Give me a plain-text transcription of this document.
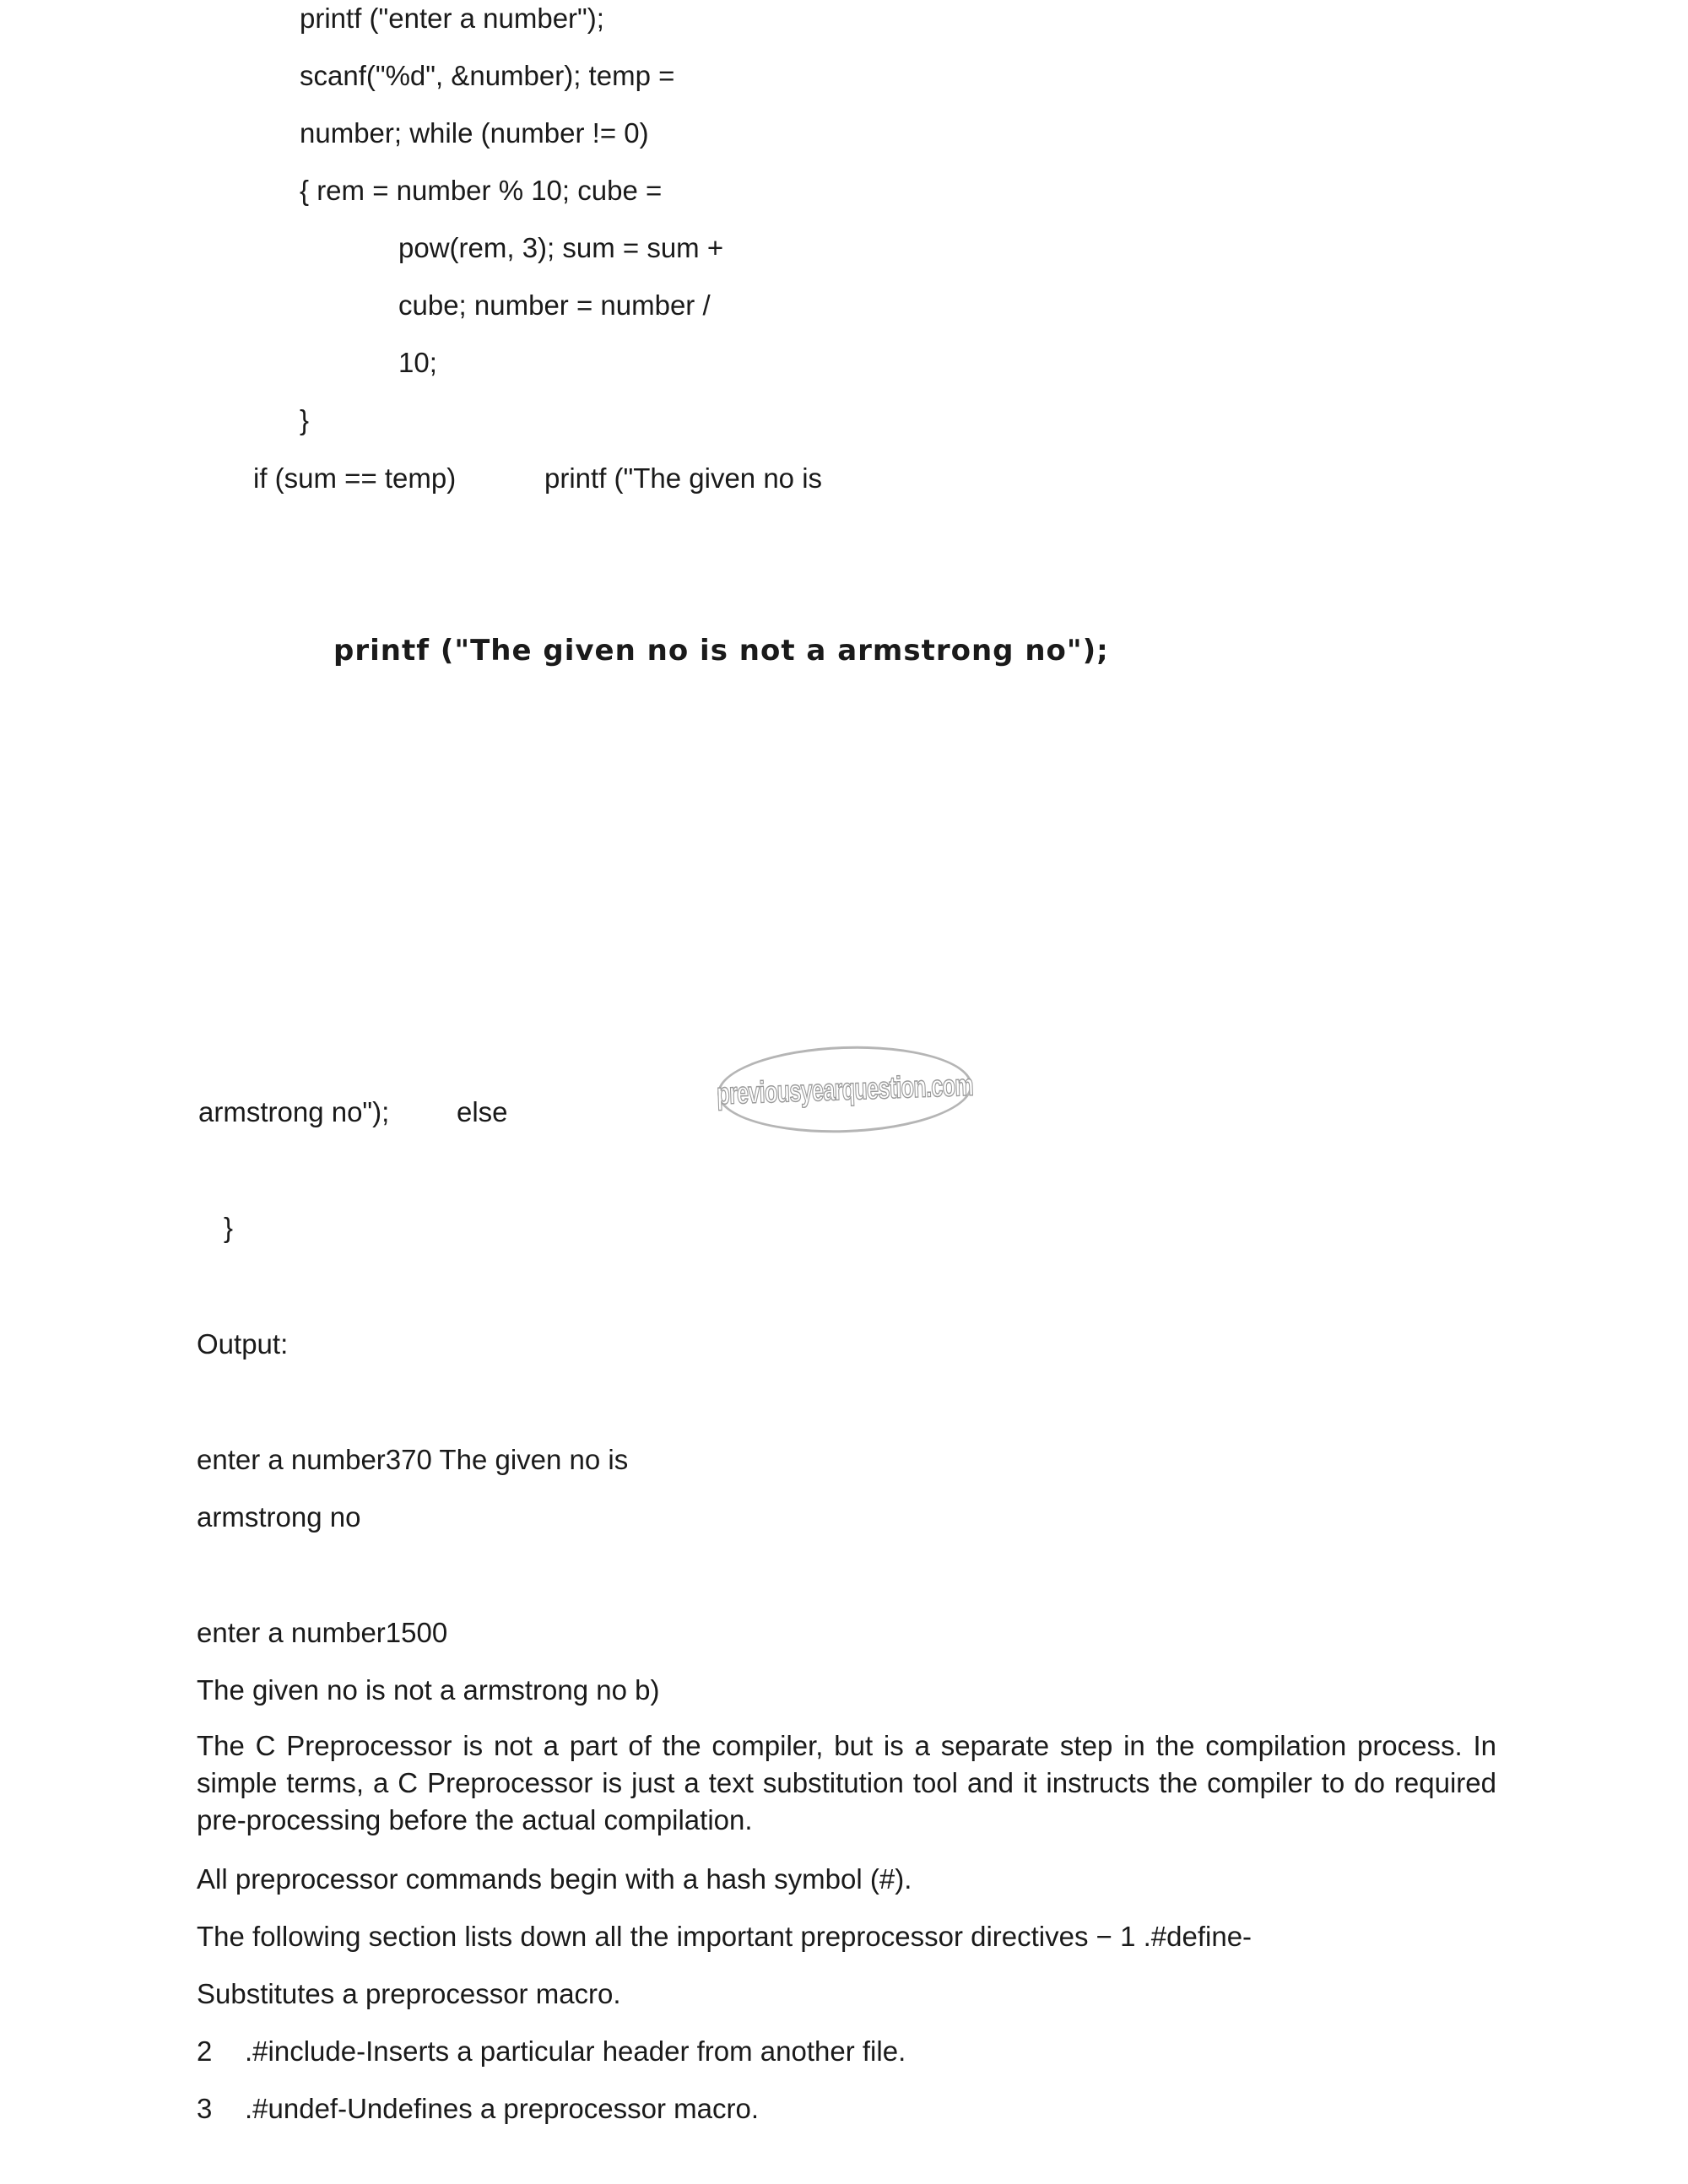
printf ("enter a number");
scanf("%d", &number); temp =
number; while (number != 0)
{ rem = number % 10; cube =
pow(rem, 3); sum = sum +
cube; number = number /
10;
}
if (sum == temp)	printf ("The given no is
printf ("The given no is not a armstrong no");
armstrong no"); else
}
previousyearquestion.com
Output:
enter a number370 The given no is
armstrong no
enter a number1500
The given no is not a armstrong no b)
The C Preprocessor is not a part of the compiler, but is a separate step in the compilation process. In simple terms, a C Preprocessor is just a text substitution tool and it instructs the compiler to do required pre-processing before the actual compilation.
All preprocessor commands begin with a hash symbol (#).
The following section lists down all the important preprocessor directives − 1 .#define-
Substitutes a preprocessor macro.
2 .#include-Inserts a particular header from another file.
3 .#undef-Undefines a preprocessor macro.
